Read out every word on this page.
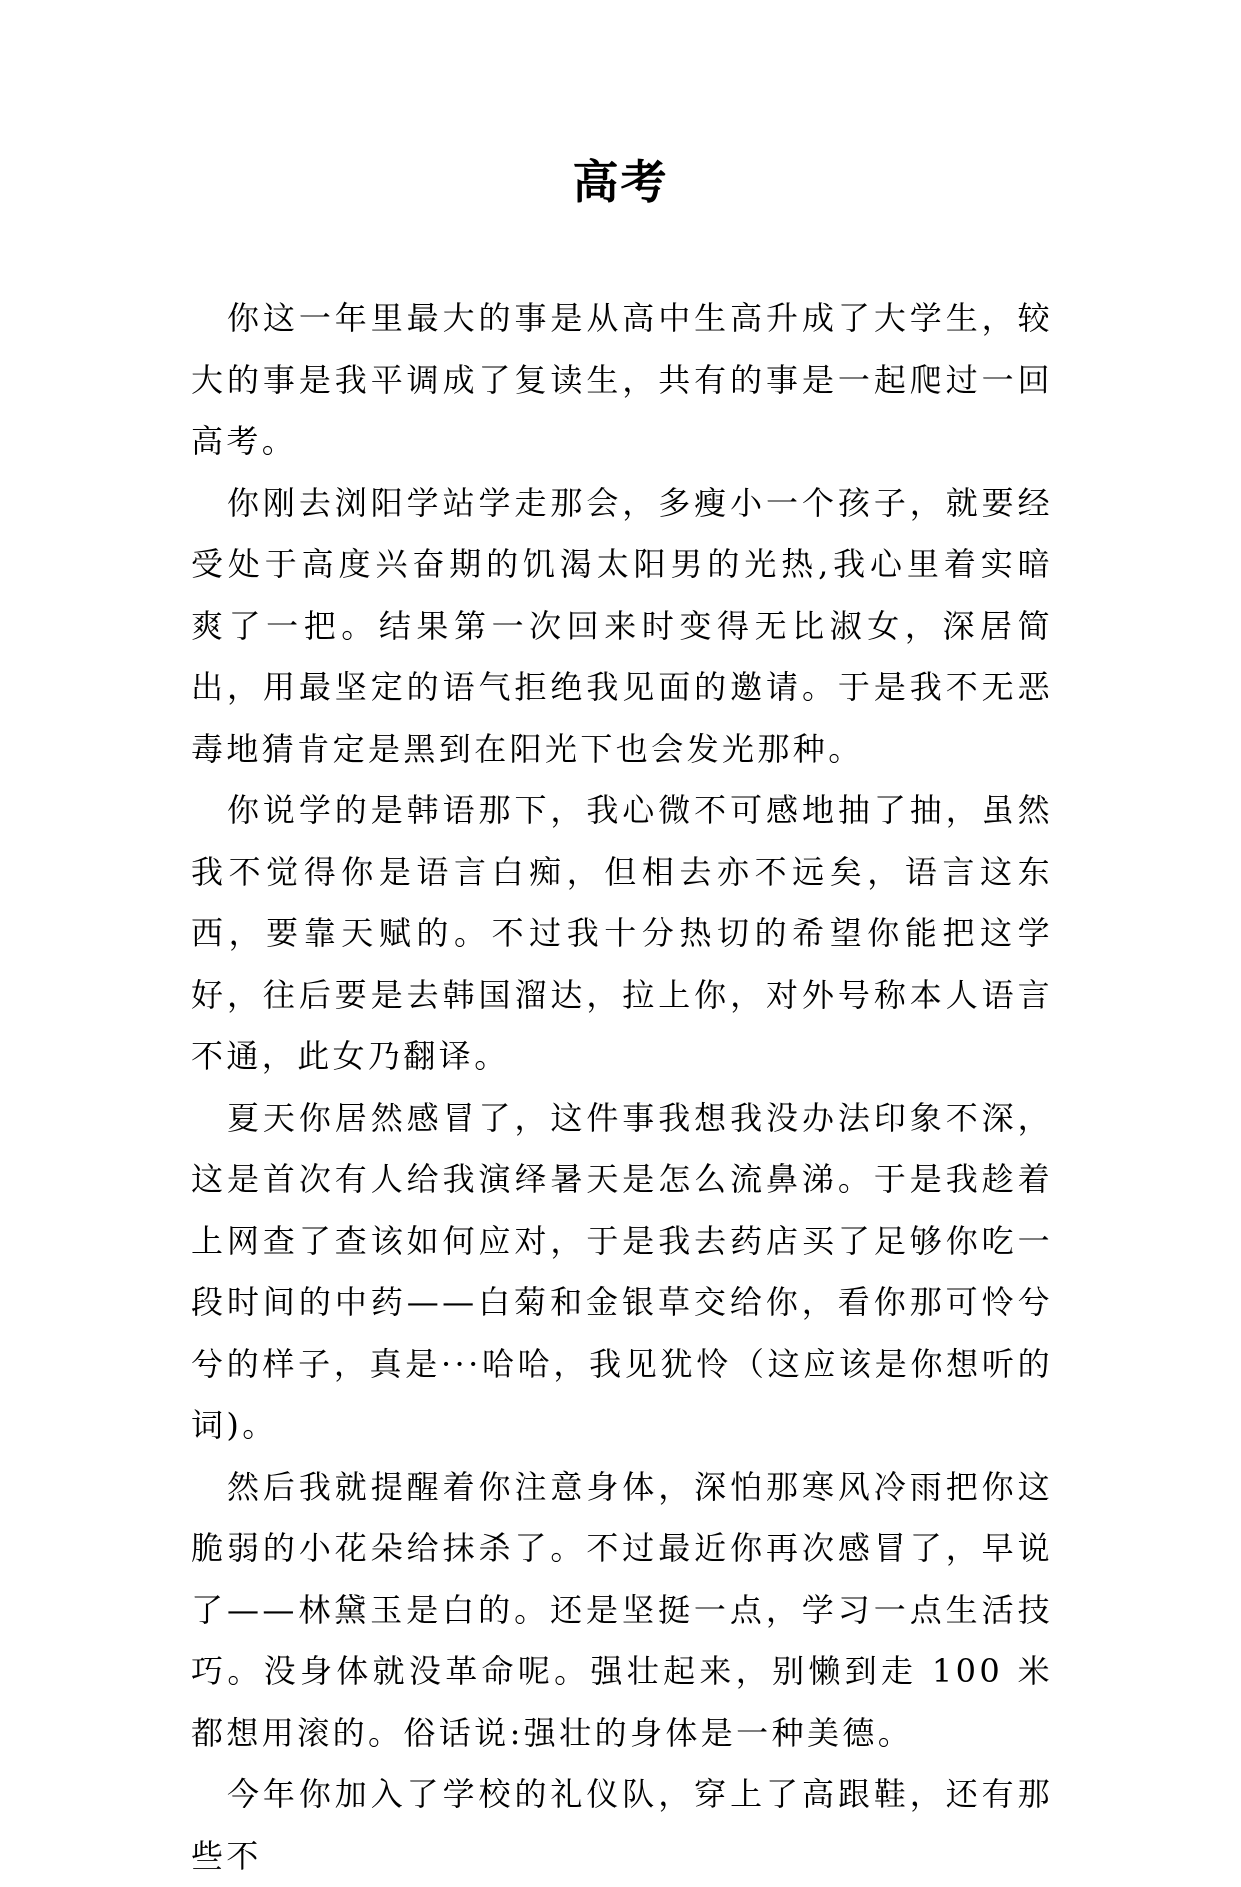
高考

你这一年里最大的事是从高中生高升成了大学生，较大的事是我平调成了复读生，共有的事是一起爬过一回高考。

你刚去浏阳学站学走那会，多瘦小一个孩子，就要经受处于高度兴奋期的饥渴太阳男的光热,我心里着实暗爽了一把。结果第一次回来时变得无比淑女，深居简出，用最坚定的语气拒绝我见面的邀请。于是我不无恶毒地猜肯定是黑到在阳光下也会发光那种。

你说学的是韩语那下，我心微不可感地抽了抽，虽然我不觉得你是语言白痴，但相去亦不远矣，语言这东西，要靠天赋的。不过我十分热切的希望你能把这学好，往后要是去韩国溜达，拉上你，对外号称本人语言不通，此女乃翻译。

夏天你居然感冒了，这件事我想我没办法印象不深，这是首次有人给我演绎暑天是怎么流鼻涕。于是我趁着上网查了查该如何应对，于是我去药店买了足够你吃一段时间的中药——白菊和金银草交给你，看你那可怜兮兮的样子，真是···哈哈，我见犹怜（这应该是你想听的词)。

然后我就提醒着你注意身体，深怕那寒风冷雨把你这脆弱的小花朵给抹杀了。不过最近你再次感冒了，早说了——林黛玉是白的。还是坚挺一点，学习一点生活技巧。没身体就没革命呢。强壮起来，别懒到走 100 米都想用滚的。俗话说:强壮的身体是一种美德。

今年你加入了学校的礼仪队，穿上了高跟鞋，还有那些不
